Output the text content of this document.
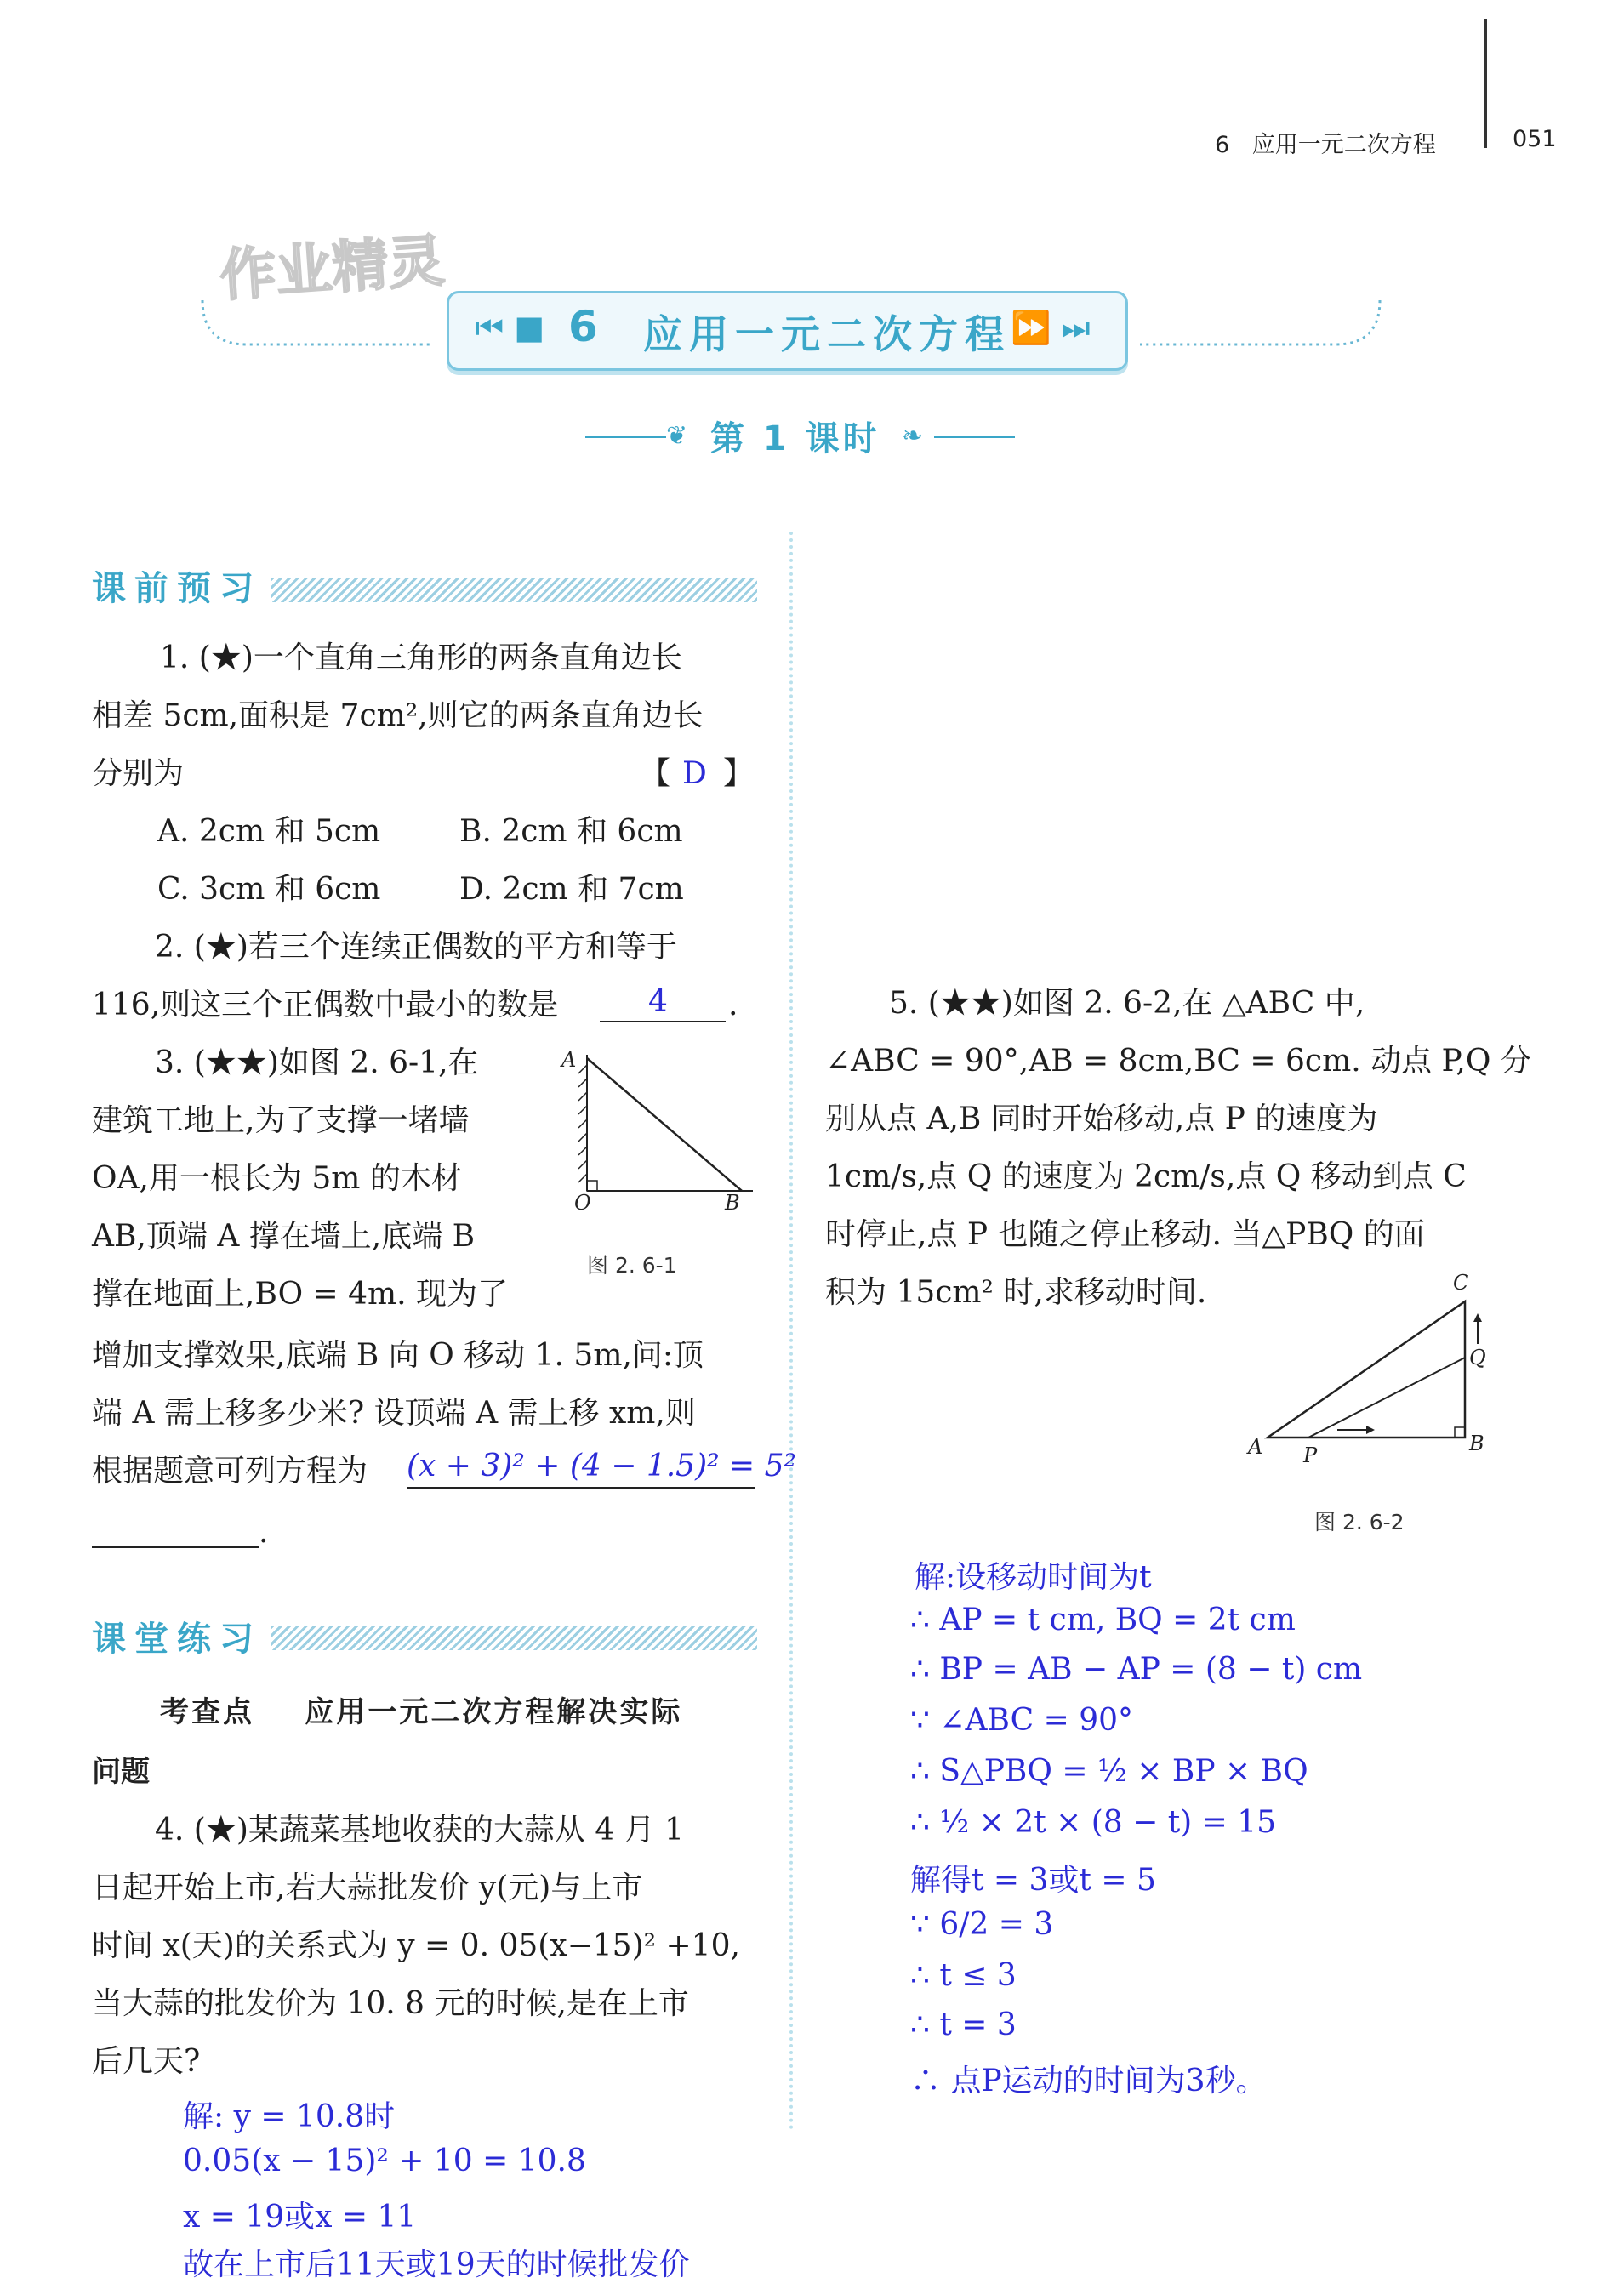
6 应用一元二次方程	051
作业精灵
⏮ ■ 6 应用一元二次方程 ⏩ ⏭
❦ 第 1 课时 ❧
课前预习
1. (★)一个直角三角形的两条直角边长
相差 5cm,面积是 7cm²,则它的两条直角边长
分别为	【 D 】
A. 2cm 和 5cm	B. 2cm 和 6cm
C. 3cm 和 6cm	D. 2cm 和 7cm
2. (★)若三个连续正偶数的平方和等于
116,则这三个正偶数中最小的数是	4 .
3. (★★)如图 2. 6-1,在
建筑工地上,为了支撑一堵墙
OA,用一根长为 5m 的木材
AB,顶端 A 撑在墙上,底端 B
撑在地面上,BO = 4m. 现为了
增加支撑效果,底端 B 向 O 移动 1. 5m,问:顶
端 A 需上移多少米? 设顶端 A 需上移 xm,则
根据题意可列方程为 (x + 3)² + (4 − 1.5)² = 5²
.
A
O	B
图 2. 6-1
课堂练习
考查点    应用一元二次方程解决实际
问题
4. (★)某蔬菜基地收获的大蒜从 4 月 1
日起开始上市,若大蒜批发价 y(元)与上市
时间 x(天)的关系式为 y = 0. 05(x−15)² +10,
当大蒜的批发价为 10. 8 元的时候,是在上市
后几天?
解: y = 10.8时
0.05(x − 15)² + 10 = 10.8
x = 19或x = 11
故在上市后11天或19天的时候批发价
5. (★★)如图 2. 6-2,在 △ABC 中,
∠ABC = 90°,AB = 8cm,BC = 6cm. 动点 P,Q 分
别从点 A,B 同时开始移动,点 P 的速度为
1cm/s,点 Q 的速度为 2cm/s,点 Q 移动到点 C
时停止,点 P 也随之停止移动. 当△PBQ 的面
积为 15cm² 时,求移动时间.	C
Q
A P	B
图 2. 6-2
解:设移动时间为t
∴ AP = t cm, BQ = 2t cm
∴ BP = AB − AP = (8 − t) cm
∵ ∠ABC = 90°
∴ S△PBQ = ½ × BP × BQ
∴ ½ × 2t × (8 − t) = 15
解得t = 3或t = 5
∵ 6/2 = 3
∴ t ≤ 3
∴ t = 3
∴ 点P运动的时间为3秒。
